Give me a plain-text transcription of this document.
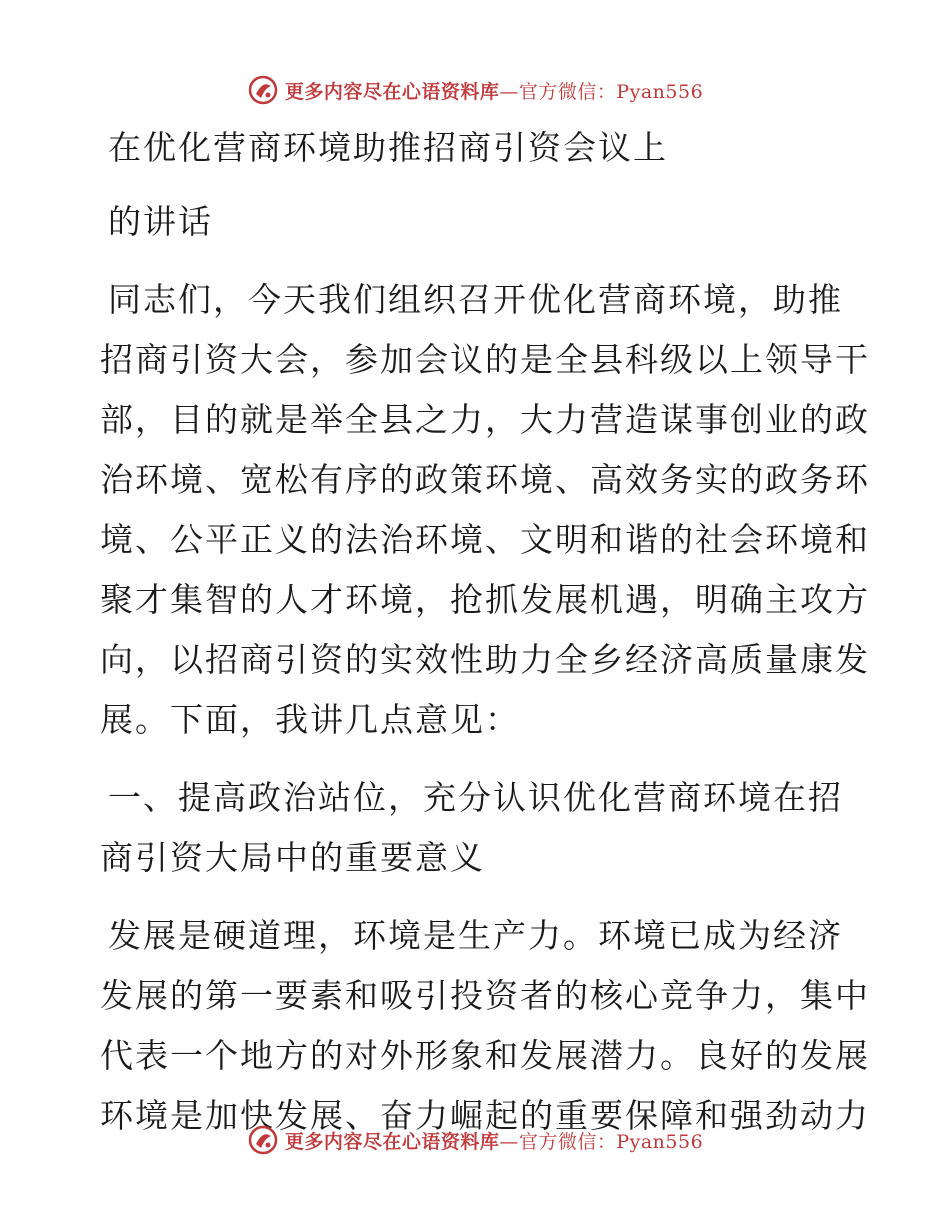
更多内容尽在心语资料库—官方微信：Pyan556
在优化营商环境助推招商引资会议上
的讲话
同志们，今天我们组织召开优化营商环境，助推
招商引资大会，参加会议的是全县科级以上领导干
部，目的就是举全县之力，大力营造谋事创业的政
治环境、宽松有序的政策环境、高效务实的政务环
境、公平正义的法治环境、文明和谐的社会环境和
聚才集智的人才环境，抢抓发展机遇，明确主攻方
向，以招商引资的实效性助力全乡经济高质量康发
展。下面，我讲几点意见：
一、提高政治站位，充分认识优化营商环境在招
商引资大局中的重要意义
发展是硬道理，环境是生产力。环境已成为经济
发展的第一要素和吸引投资者的核心竞争力，集中
代表一个地方的对外形象和发展潜力。良好的发展
环境是加快发展、奋力崛起的重要保障和强劲动力
更多内容尽在心语资料库—官方微信：Pyan556
